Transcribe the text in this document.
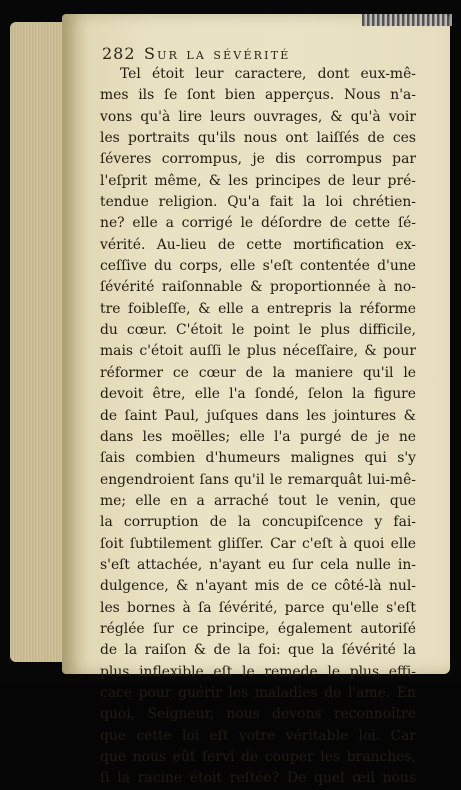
282 Sur la sévérité
Tel étoit leur caractere, dont eux-mê-
mes ils ſe ſont bien apperçus. Nous n'a-
vons qu'à lire leurs ouvrages, & qu'à voir
les portraits qu'ils nous ont laiſſés de ces
ſéveres corrompus, je dis corrompus par
l'eſprit même, & les principes de leur pré-
tendue religion. Qu'a fait la loi chrétien-
ne? elle a corrigé le déſordre de cette ſé-
vérité. Au-lieu de cette mortification ex-
ceſſive du corps, elle s'eſt contentée d'une
ſévérité raiſonnable & proportionnée à no-
tre foibleſſe, & elle a entrepris la réforme
du cœur. C'étoit le point le plus difficile,
mais c'étoit auſſi le plus néceſſaire, & pour
réformer ce cœur de la maniere qu'il le
devoit être, elle l'a ſondé, ſelon la figure
de ſaint Paul, juſques dans les jointures &
dans les moëlles; elle l'a purgé de je ne
ſais combien d'humeurs malignes qui s'y
engendroient ſans qu'il le remarquât lui-mê-
me; elle en a arraché tout le venin, que
la corruption de la concupiſcence y fai-
ſoit ſubtilement gliſſer. Car c'eſt à quoi elle
s'eſt attachée, n'ayant eu ſur cela nulle in-
dulgence, & n'ayant mis de ce côté-là nul-
les bornes à ſa ſévérité, parce qu'elle s'eſt
réglée ſur ce principe, également autoriſé
de la raiſon & de la foi: que la ſévérité la
plus inflexible eſt le remede le plus effi-
cace pour guérir les maladies de l'ame. En
quoi, Seigneur, nous devons reconnoître
que cette loi eſt votre véritable loi. Car
que nous eût ſervi de couper les branches,
ſi la racine étoit reſtée? De quel œil nous
